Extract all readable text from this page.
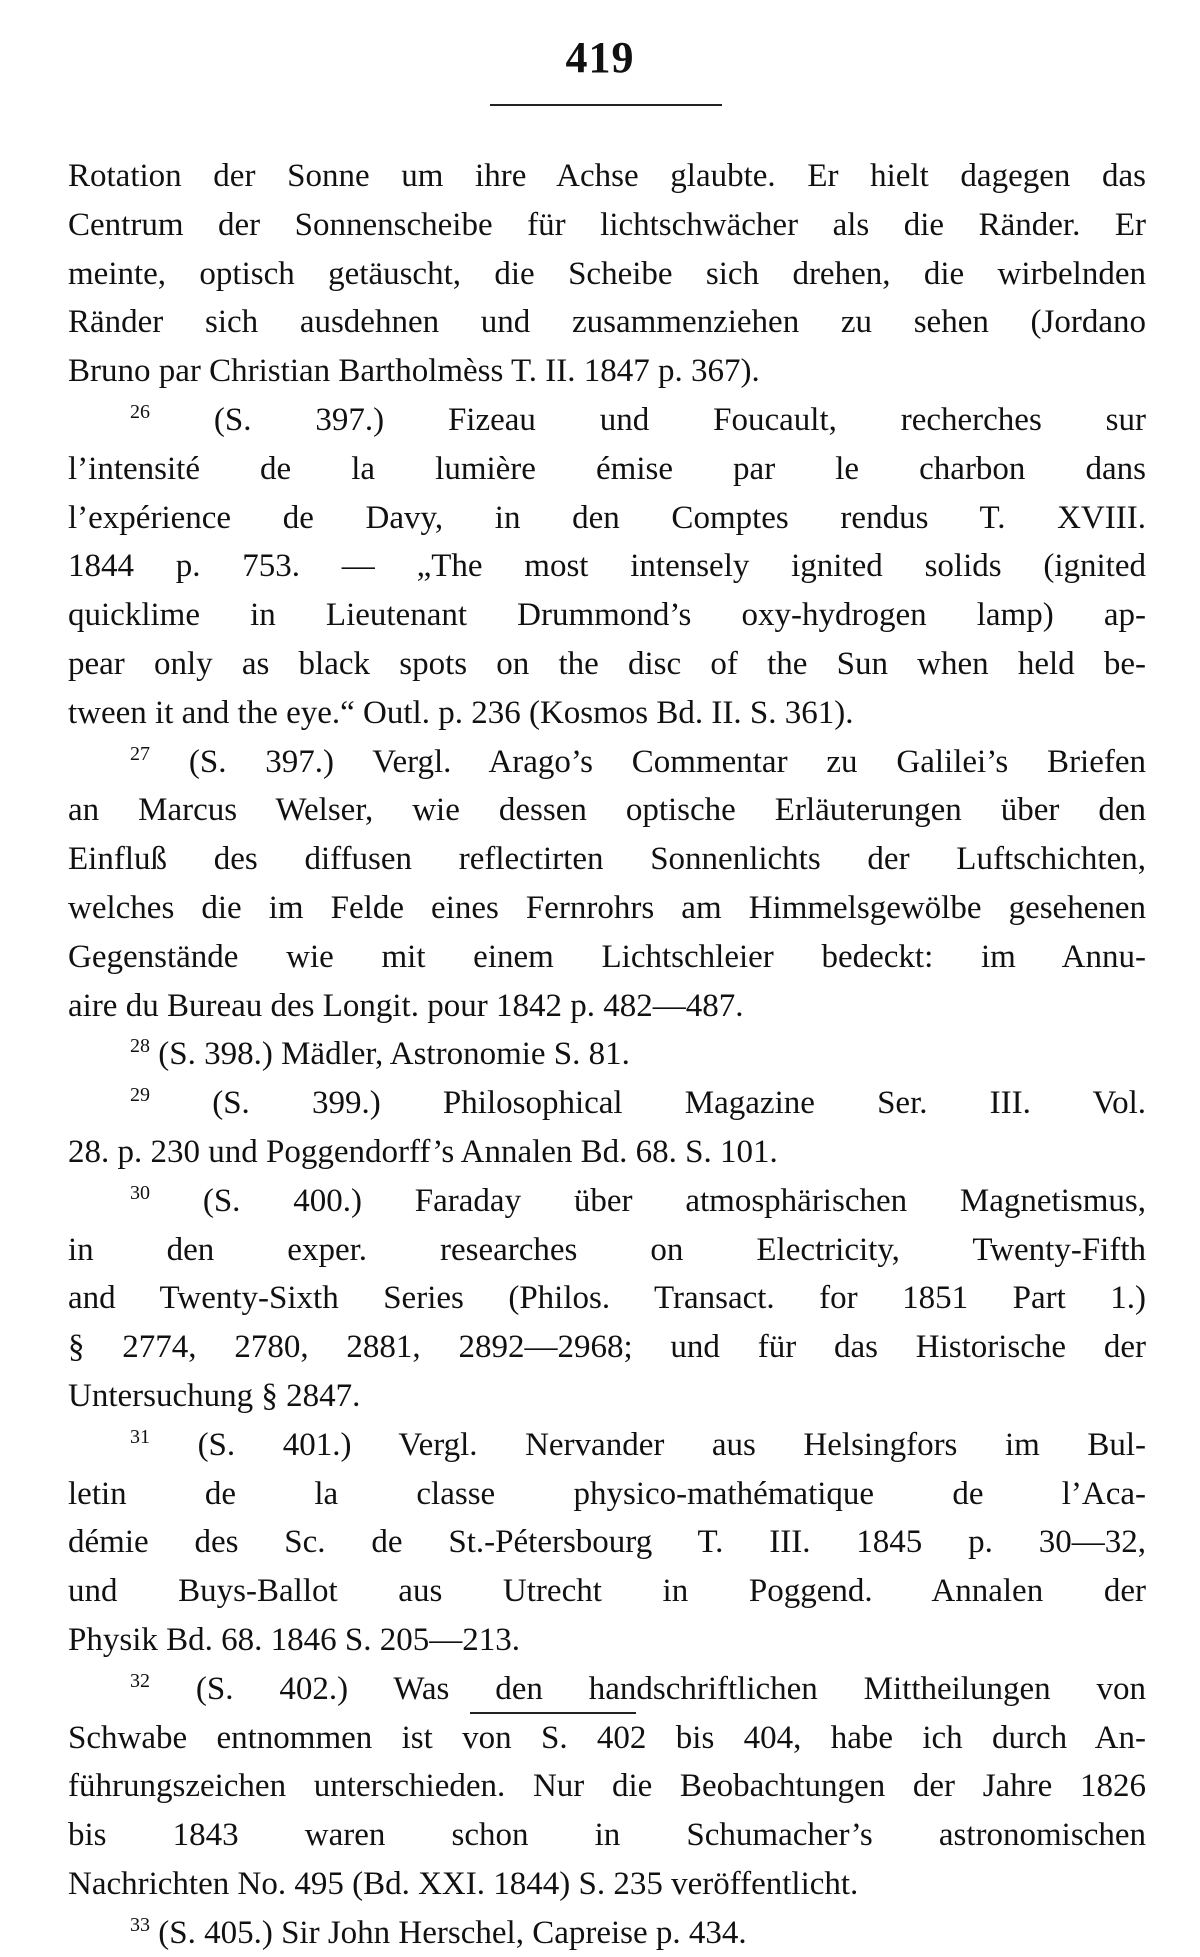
419
Rotation der Sonne um ihre Achse glaubte. Er hielt dagegen das
Centrum der Sonnenscheibe für lichtschwächer als die Ränder. Er
meinte, optisch getäuscht, die Scheibe sich drehen, die wirbelnden
Ränder sich ausdehnen und zusammenziehen zu sehen (Jordano
Bruno par Christian Bartholmèss T. II. 1847 p. 367).
$^{26}$ (S. 397.) Fizeau und Foucault, recherches sur
l’intensité de la lumière émise par le charbon dans
l’expérience de Davy, in den Comptes rendus T. XVIII.
1844 p. 753. — „The most intensely ignited solids (ignited
quicklime in Lieutenant Drummond’s oxy-hydrogen lamp) ap-
pear only as black spots on the disc of the Sun when held be-
tween it and the eye.“ Outl. p. 236 (Kosmos Bd. II. S. 361).
$^{27}$ (S. 397.) Vergl. Arago’s Commentar zu Galilei’s Briefen
an Marcus Welser, wie dessen optische Erläuterungen über den
Einfluß des diffusen reflectirten Sonnenlichts der Luftschichten,
welches die im Felde eines Fernrohrs am Himmelsgewölbe gesehenen
Gegenstände wie mit einem Lichtschleier bedeckt: im Annu-
aire du Bureau des Longit. pour 1842 p. 482—487.
$^{28}$ (S. 398.) Mädler, Astronomie S. 81.
$^{29}$ (S. 399.) Philosophical Magazine Ser. III. Vol.
28. p. 230 und Poggendorff’s Annalen Bd. 68. S. 101.
$^{30}$ (S. 400.) Faraday über atmosphärischen Magnetismus,
in den exper. researches on Electricity, Twenty-Fifth
and Twenty-Sixth Series (Philos. Transact. for 1851 Part 1.)
§ 2774, 2780, 2881, 2892—2968; und für das Historische der
Untersuchung § 2847.
$^{31}$ (S. 401.) Vergl. Nervander aus Helsingfors im Bul-
letin de la classe physico-mathématique de l’Aca-
démie des Sc. de St.-Pétersbourg T. III. 1845 p. 30—32,
und Buys-Ballot aus Utrecht in Poggend. Annalen der
Physik Bd. 68. 1846 S. 205—213.
$^{32}$ (S. 402.) Was den handschriftlichen Mittheilungen von
Schwabe entnommen ist von S. 402 bis 404, habe ich durch An-
führungszeichen unterschieden. Nur die Beobachtungen der Jahre 1826
bis 1843 waren schon in Schumacher’s astronomischen
Nachrichten No. 495 (Bd. XXI. 1844) S. 235 veröffentlicht.
$^{33}$ (S. 405.) Sir John Herschel, Capreise p. 434.
